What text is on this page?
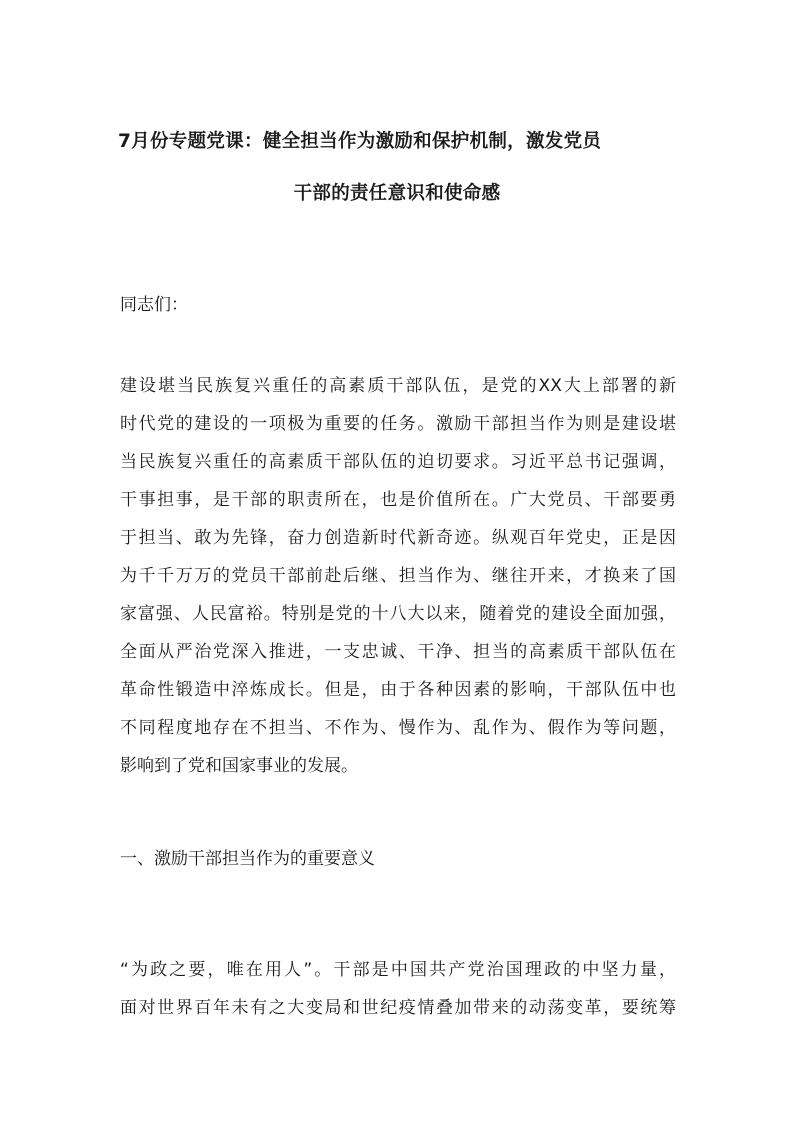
7月份专题党课：健全担当作为激励和保护机制，激发党员
干部的责任意识和使命感
同志们：
建设堪当民族复兴重任的高素质干部队伍，是党的XX大上部署的新
时代党的建设的一项极为重要的任务。激励干部担当作为则是建设堪
当民族复兴重任的高素质干部队伍的迫切要求。习近平总书记强调，
干事担事，是干部的职责所在，也是价值所在。广大党员、干部要勇
于担当、敢为先锋，奋力创造新时代新奇迹。纵观百年党史，正是因
为千千万万的党员干部前赴后继、担当作为、继往开来，才换来了国
家富强、人民富裕。特别是党的十八大以来，随着党的建设全面加强，
全面从严治党深入推进，一支忠诚、干净、担当的高素质干部队伍在
革命性锻造中淬炼成长。但是，由于各种因素的影响，干部队伍中也
不同程度地存在不担当、不作为、慢作为、乱作为、假作为等问题，
影响到了党和国家事业的发展。
一、激励干部担当作为的重要意义
“为政之要，唯在用人”。干部是中国共产党治国理政的中坚力量，
面对世界百年未有之大变局和世纪疫情叠加带来的动荡变革，要统筹
